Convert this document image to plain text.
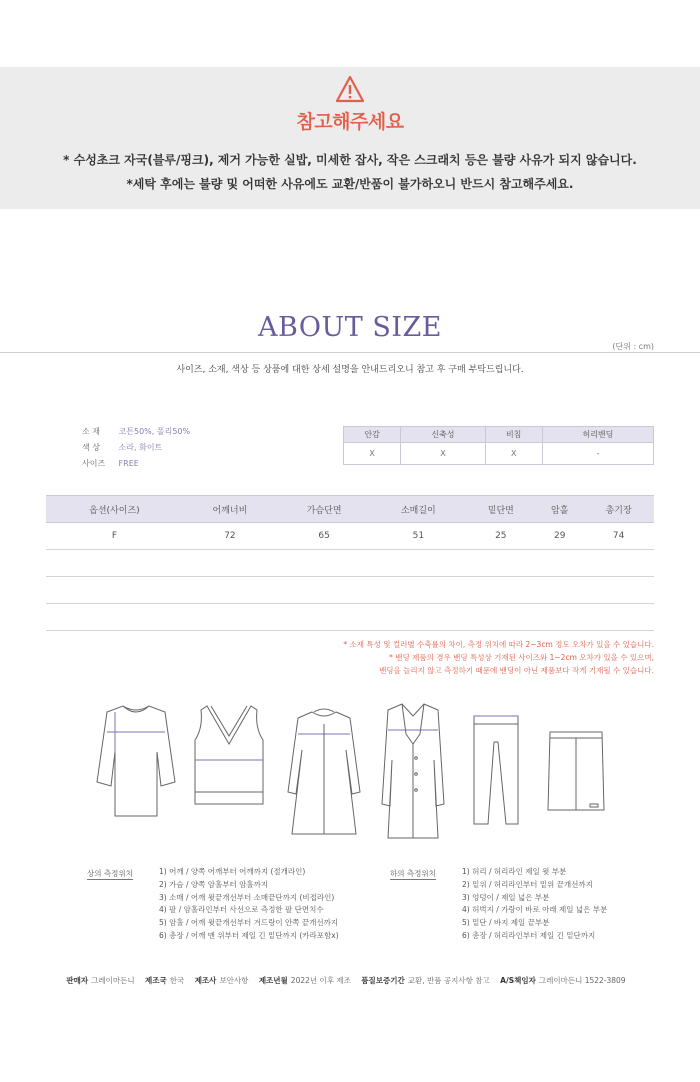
참고해주세요
* 수성초크 자국(블루/핑크), 제거 가능한 실밥, 미세한 잡사, 작은 스크래치 등은 불량 사유가 되지 않습니다.
*세탁 후에는 불량 및 어떠한 사유에도 교환/반품이 불가하오니 반드시 참고해주세요.
ABOUT SIZE
(단위 : cm)
사이즈, 소재, 색상 등 상품에 대한 상세 설명을 안내드리오니 참고 후 구매 부탁드립니다.
소 재 코튼50%, 폴리50%
색 상 소라, 화이트
사이즈 FREE
안감	신축성	비침	허리밴딩
X	X	X	-
옵션(사이즈)	어깨너비	가슴단면	소매길이	밑단면	암홀	총기장
F	72	65	51	25	29	74

* 소재 특성 및 컬러별 수축률의 차이, 측정 위치에 따라 2~3cm 정도 오차가 있을 수 있습니다.
* 밴딩 제품의 경우 밴딩 특성상 기재된 사이즈와 1~2cm 오차가 있을 수 있으며,
밴딩을 늘리지 않고 측정하기 때문에 밴딩이 아닌 제품보다 작게 기재될 수 있습니다.
상의 측정위치	1) 어깨 / 양쪽 어깨부터 어깨까지 (절개라인)
2) 가슴 / 양쪽 암홀부터 암홀까지
3) 소매 / 어깨 윗끝개선부터 소매끝단까지 (비접라인)
4) 팔 / 암홀라인부터 사선으로 측정한 팔 단면치수
5) 암홀 / 어깨 윗끝개선부터 겨드랑이 안쪽 끝개선까지
6) 총장 / 어깨 맨 위부터 제일 긴 밑단까지 (카라포함x)
하의 측정위치	1) 허리 / 허리라인 제일 윗 부분
2) 밑위 / 허리라인부터 밑위 끝개선까지
3) 엉덩이 / 제일 넓은 부분
4) 허벅지 / 가랑이 바로 아래 제일 넓은 부분
5) 밑단 / 바지 제일 끝부분
6) 총장 / 허리라인부터 제일 긴 밑단까지
판매자 그레이마든니 제조국 한국 제조사 보안사항 제조년월 2022년 이후 제조 품질보증기간 교환, 반품 공지사항 참고 A/S책임자 그레이마든니 1522-3809
